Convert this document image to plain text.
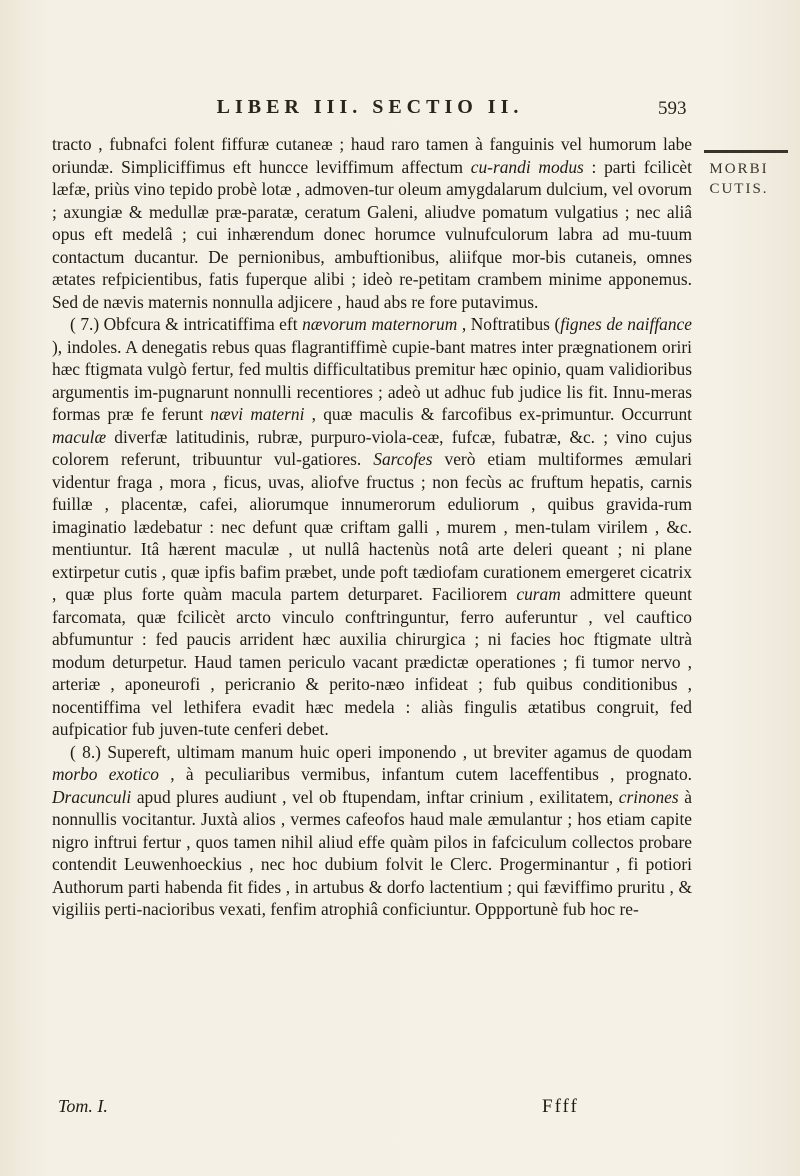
LIBER III. SECTIO II.	593
MORBI CUTIS.

tracto , fubnafci folent fiffuræ cutaneæ ; haud raro tamen à fanguinis vel humorum labe oriundæ. Simpliciffimus eft huncce leviffimum affectum cu-randi modus : parti fcilicèt læfæ, priùs vino tepido probè lotæ , admoven-tur oleum amygdalarum dulcium, vel ovorum ; axungiæ & medullæ præ-paratæ, ceratum Galeni, aliudve pomatum vulgatius ; nec aliâ opus eft medelâ ; cui inhærendum donec horumce vulnufculorum labra ad mu-tuum contactum ducantur. De pernionibus, ambuftionibus, aliifque mor-bis cutaneis, omnes ætates refpicientibus, fatis fuperque alibi ; ideò re-petitam crambem minime apponemus. Sed de nævis maternis nonnulla adjicere , haud abs re fore putavimus.

( 7.) Obfcura & intricatiffima eft nævorum maternorum , Noftratibus (fignes de naiffance ), indoles. A denegatis rebus quas flagrantiffimè cupie-bant matres inter prægnationem oriri hæc ftigmata vulgò fertur, fed multis difficultatibus premitur hæc opinio, quam validioribus argumentis im-pugnarunt nonnulli recentiores ; adeò ut adhuc fub judice lis fit. Innu-meras formas præ fe ferunt nævi materni , quæ maculis & farcofibus ex-primuntur. Occurrunt maculæ diverfæ latitudinis, rubræ, purpuro-viola-ceæ, fufcæ, fubatræ, &c. ; vino cujus colorem referunt, tribuuntur vul-gatiores. Sarcofes verò etiam multiformes æmulari videntur fraga , mora , ficus, uvas, aliofve fructus ; non fecùs ac fruftum hepatis, carnis fuillæ , placentæ, cafei, aliorumque innumerorum eduliorum , quibus gravida-rum imaginatio lædebatur : nec defunt quæ criftam galli , murem , men-tulam virilem , &c. mentiuntur. Itâ hærent maculæ , ut nullâ hactenùs notâ arte deleri queant ; ni plane extirpetur cutis , quæ ipfis bafim præbet, unde poft tædiofam curationem emergeret cicatrix , quæ plus forte quàm macula partem deturparet. Faciliorem curam admittere queunt farcomata, quæ fcilicèt arcto vinculo conftringuntur, ferro auferuntur , vel cauftico abfumuntur : fed paucis arrident hæc auxilia chirurgica ; ni facies hoc ftigmate ultrà modum deturpetur. Haud tamen periculo vacant prædictæ operationes ; fi tumor nervo , arteriæ , aponeurofi , pericranio & perito-næo infideat ; fub quibus conditionibus , nocentiffima vel lethifera evadit hæc medela : aliàs fingulis ætatibus congruit, fed aufpicatior fub juven-tute cenferi debet.

( 8.) Supereft, ultimam manum huic operi imponendo , ut breviter agamus de quodam morbo exotico , à peculiaribus vermibus, infantum cutem laceffentibus , prognato. Dracunculi apud plures audiunt , vel ob ftupendam, inftar crinium , exilitatem, crinones à nonnullis vocitantur. Juxtà alios , vermes cafeofos haud male æmulantur ; hos etiam capite nigro inftrui fertur , quos tamen nihil aliud effe quàm pilos in fafciculum collectos probare contendit Leuwenhoeckius , nec hoc dubium folvit le Clerc. Progerminantur , fi potiori Authorum parti habenda fit fides , in artubus & dorfo lactentium ; qui fæviffimo pruritu , & vigiliis perti-nacioribus vexati, fenfim atrophiâ conficiuntur. Oppportunè fub hoc re-

Tom. I.	Ffff
